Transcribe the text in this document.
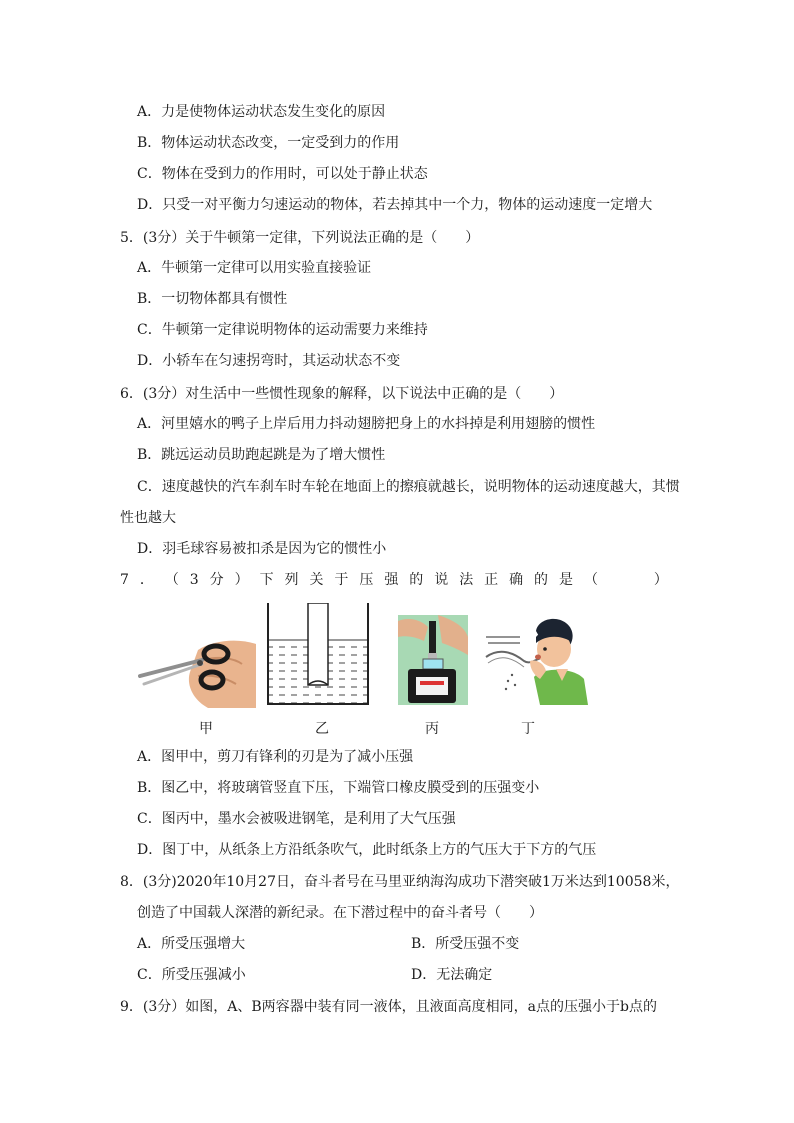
A．力是使物体运动状态发生变化的原因
B．物体运动状态改变，一定受到力的作用
C．物体在受到力的作用时，可以处于静止状态
D．只受一对平衡力匀速运动的物体，若去掉其中一个力，物体的运动速度一定增大
5．(3分）关于牛顿第一定律，下列说法正确的是（　　）
A．牛顿第一定律可以用实验直接验证
B．一切物体都具有惯性
C．牛顿第一定律说明物体的运动需要力来维持
D．小轿车在匀速拐弯时，其运动状态不变
6．(3分）对生活中一些惯性现象的解释，以下说法中正确的是（　　）
A．河里嬉水的鸭子上岸后用力抖动翅膀把身上的水抖掉是利用翅膀的惯性
B．跳远运动员助跑起跳是为了增大惯性
C．速度越快的汽车刹车时车轮在地面上的擦痕就越长，说明物体的运动速度越大，其惯
性也越大
D．羽毛球容易被扣杀是因为它的惯性小
7 ． （ 3 分 ） 下 列 关 于 压 强 的 说 法 正 确 的 是 （	）
甲	乙	丙	丁
A．图甲中，剪刀有锋利的刃是为了减小压强
B．图乙中，将玻璃管竖直下压，下端管口橡皮膜受到的压强变小
C．图丙中，墨水会被吸进钢笔，是利用了大气压强
D．图丁中，从纸条上方沿纸条吹气，此时纸条上方的气压大于下方的气压
8．(3分)2020年10月27日，奋斗者号在马里亚纳海沟成功下潜突破1万米达到10058米，
创造了中国载人深潜的新纪录。在下潜过程中的奋斗者号（　　）
A．所受压强增大	B．所受压强不变
C．所受压强减小	D．无法确定
9．(3分）如图，A、B两容器中装有同一液体，且液面高度相同，a点的压强小于b点的
